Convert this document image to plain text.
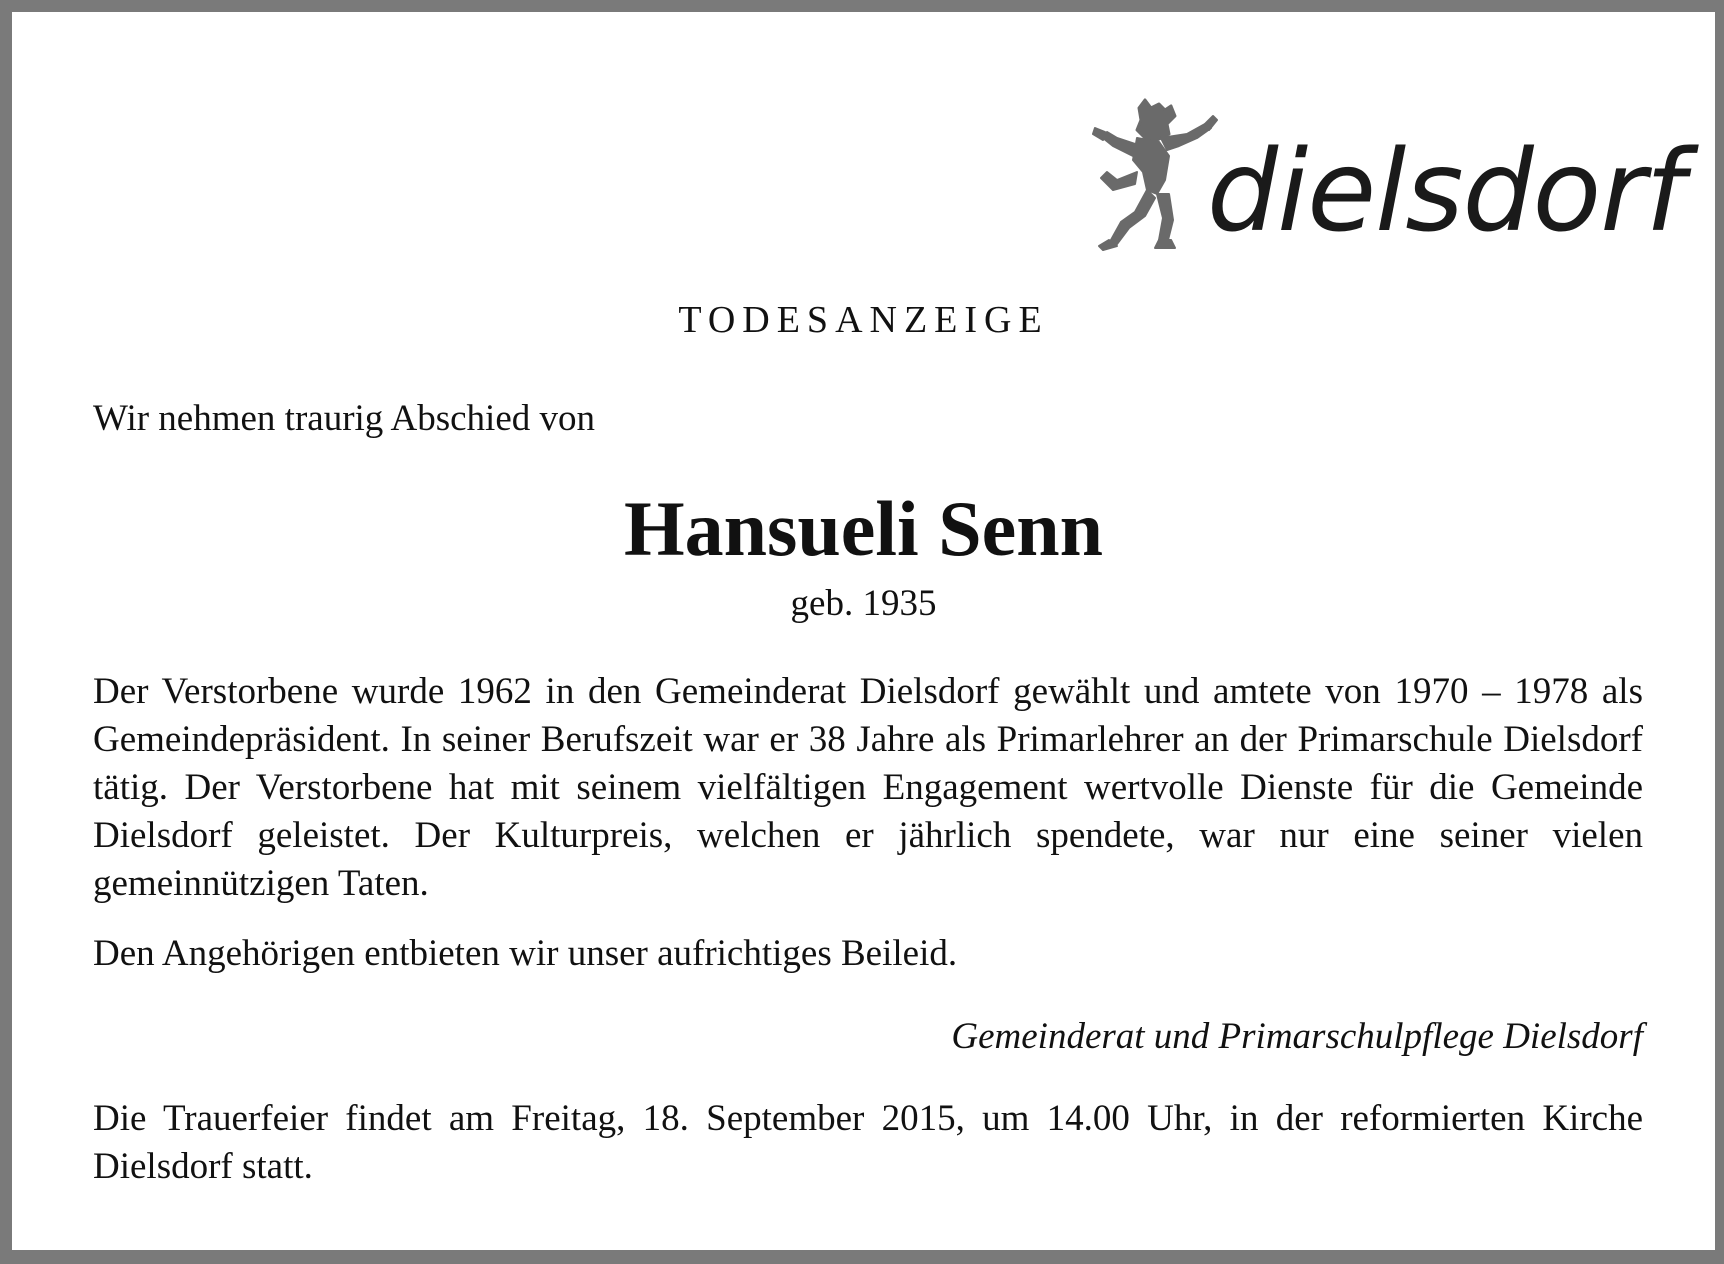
dielsdorf
TODESANZEIGE
Wir nehmen traurig Abschied von
Hansueli Senn
geb. 1935

Der Verstorbene wurde 1962 in den Gemeinderat Dielsdorf gewählt und amtete von 1970 – 1978 als Gemeindepräsident. In seiner Berufszeit war er 38 Jahre als Primarlehrer an der Primarschule Dielsdorf tätig. Der Verstorbene hat mit seinem vielfältigen Engagement wertvolle Dienste für die Gemeinde Dielsdorf geleistet. Der Kulturpreis, welchen er jährlich spendete, war nur eine seiner vielen gemeinnützigen Taten.

Den Angehörigen entbieten wir unser aufrichtiges Beileid.

Gemeinderat und Primarschulpflege Dielsdorf

Die Trauerfeier findet am Freitag, 18. September 2015, um 14.00 Uhr, in der reformierten Kirche Dielsdorf statt.
